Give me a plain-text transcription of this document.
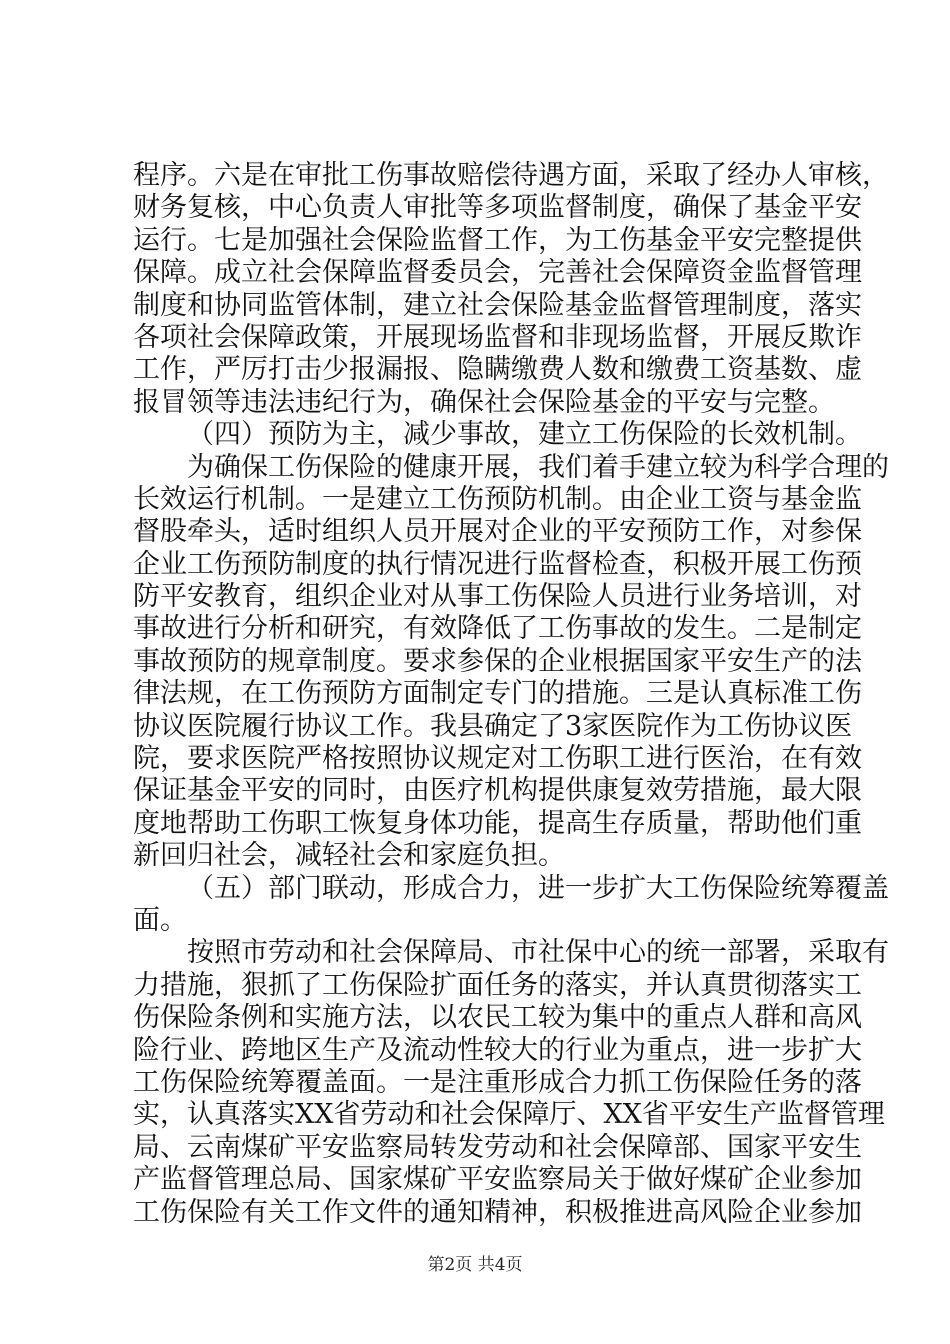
程序。六是在审批工伤事故赔偿待遇方面，采取了经办人审核，
财务复核，中心负责人审批等多项监督制度，确保了基金平安
运行。七是加强社会保险监督工作，为工伤基金平安完整提供
保障。成立社会保障监督委员会，完善社会保障资金监督管理
制度和协同监管体制，建立社会保险基金监督管理制度，落实
各项社会保障政策，开展现场监督和非现场监督，开展反欺诈
工作，严厉打击少报漏报、隐瞒缴费人数和缴费工资基数、虚
报冒领等违法违纪行为，确保社会保险基金的平安与完整。
（四）预防为主，减少事故，建立工伤保险的长效机制。
为确保工伤保险的健康开展，我们着手建立较为科学合理的
长效运行机制。一是建立工伤预防机制。由企业工资与基金监
督股牵头，适时组织人员开展对企业的平安预防工作，对参保
企业工伤预防制度的执行情况进行监督检查，积极开展工伤预
防平安教育，组织企业对从事工伤保险人员进行业务培训，对
事故进行分析和研究，有效降低了工伤事故的发生。二是制定
事故预防的规章制度。要求参保的企业根据国家平安生产的法
律法规，在工伤预防方面制定专门的措施。三是认真标准工伤
协议医院履行协议工作。我县确定了3家医院作为工伤协议医
院，要求医院严格按照协议规定对工伤职工进行医治，在有效
保证基金平安的同时，由医疗机构提供康复效劳措施，最大限
度地帮助工伤职工恢复身体功能，提高生存质量，帮助他们重
新回归社会，减轻社会和家庭负担。
（五）部门联动，形成合力，进一步扩大工伤保险统筹覆盖
面。
按照市劳动和社会保障局、市社保中心的统一部署，采取有
力措施，狠抓了工伤保险扩面任务的落实，并认真贯彻落实工
伤保险条例和实施方法，以农民工较为集中的重点人群和高风
险行业、跨地区生产及流动性较大的行业为重点，进一步扩大
工伤保险统筹覆盖面。一是注重形成合力抓工伤保险任务的落
实，认真落实XX省劳动和社会保障厅、XX省平安生产监督管理
局、云南煤矿平安监察局转发劳动和社会保障部、国家平安生
产监督管理总局、国家煤矿平安监察局关于做好煤矿企业参加
工伤保险有关工作文件的通知精神，积极推进高风险企业参加
第2页 共4页
